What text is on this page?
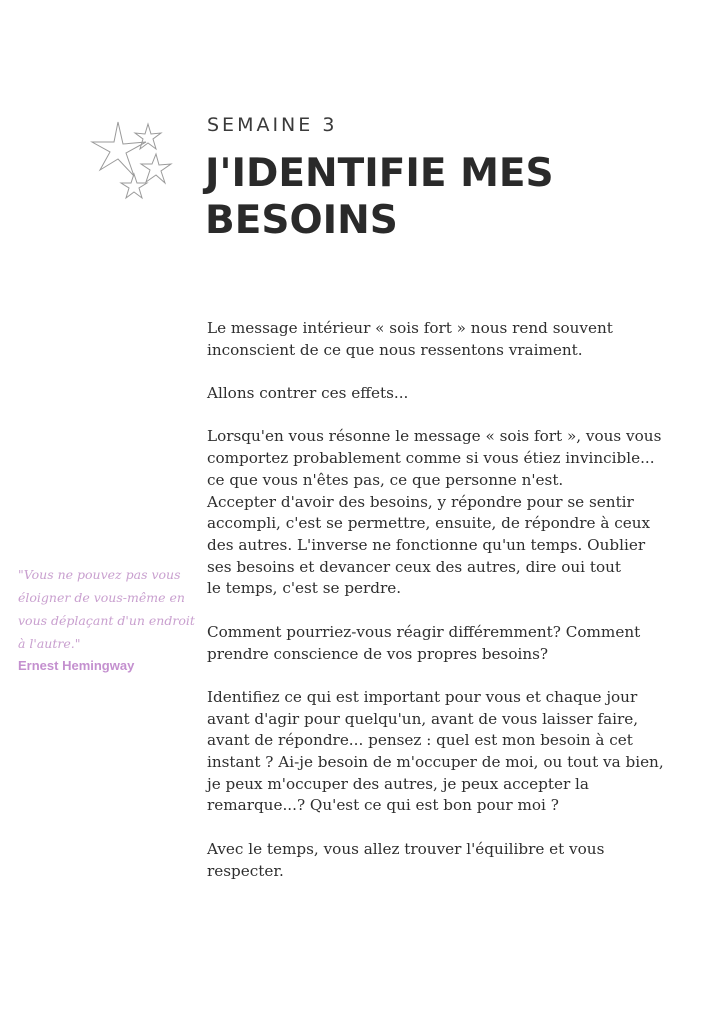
SEMAINE 3
J'IDENTIFIE MES
BESOINS
"Vous ne pouvez pas vous
éloigner de vous-même en
vous déplaçant d'un endroit
à l'autre."
Ernest Hemingway

Le message intérieur « sois fort » nous rend souvent
inconscient de ce que nous ressentons vraiment.

Allons contrer ces effets...

Lorsqu'en vous résonne le message « sois fort », vous vous
comportez probablement comme si vous étiez invincible...
ce que vous n'êtes pas, ce que personne n'est.
Accepter d'avoir des besoins, y répondre pour se sentir
accompli, c'est se permettre, ensuite, de répondre à ceux
des autres. L'inverse ne fonctionne qu'un temps. Oublier
ses besoins et devancer ceux des autres, dire oui tout
le temps, c'est se perdre.

Comment pourriez-vous réagir différemment? Comment
prendre conscience de vos propres besoins?

Identifiez ce qui est important pour vous et chaque jour
avant d'agir pour quelqu'un, avant de vous laisser faire,
avant de répondre... pensez : quel est mon besoin à cet
instant ? Ai-je besoin de m'occuper de moi, ou tout va bien,
je peux m'occuper des autres, je peux accepter la
remarque...? Qu'est ce qui est bon pour moi ?

Avec le temps, vous allez trouver l'équilibre et vous
respecter.
